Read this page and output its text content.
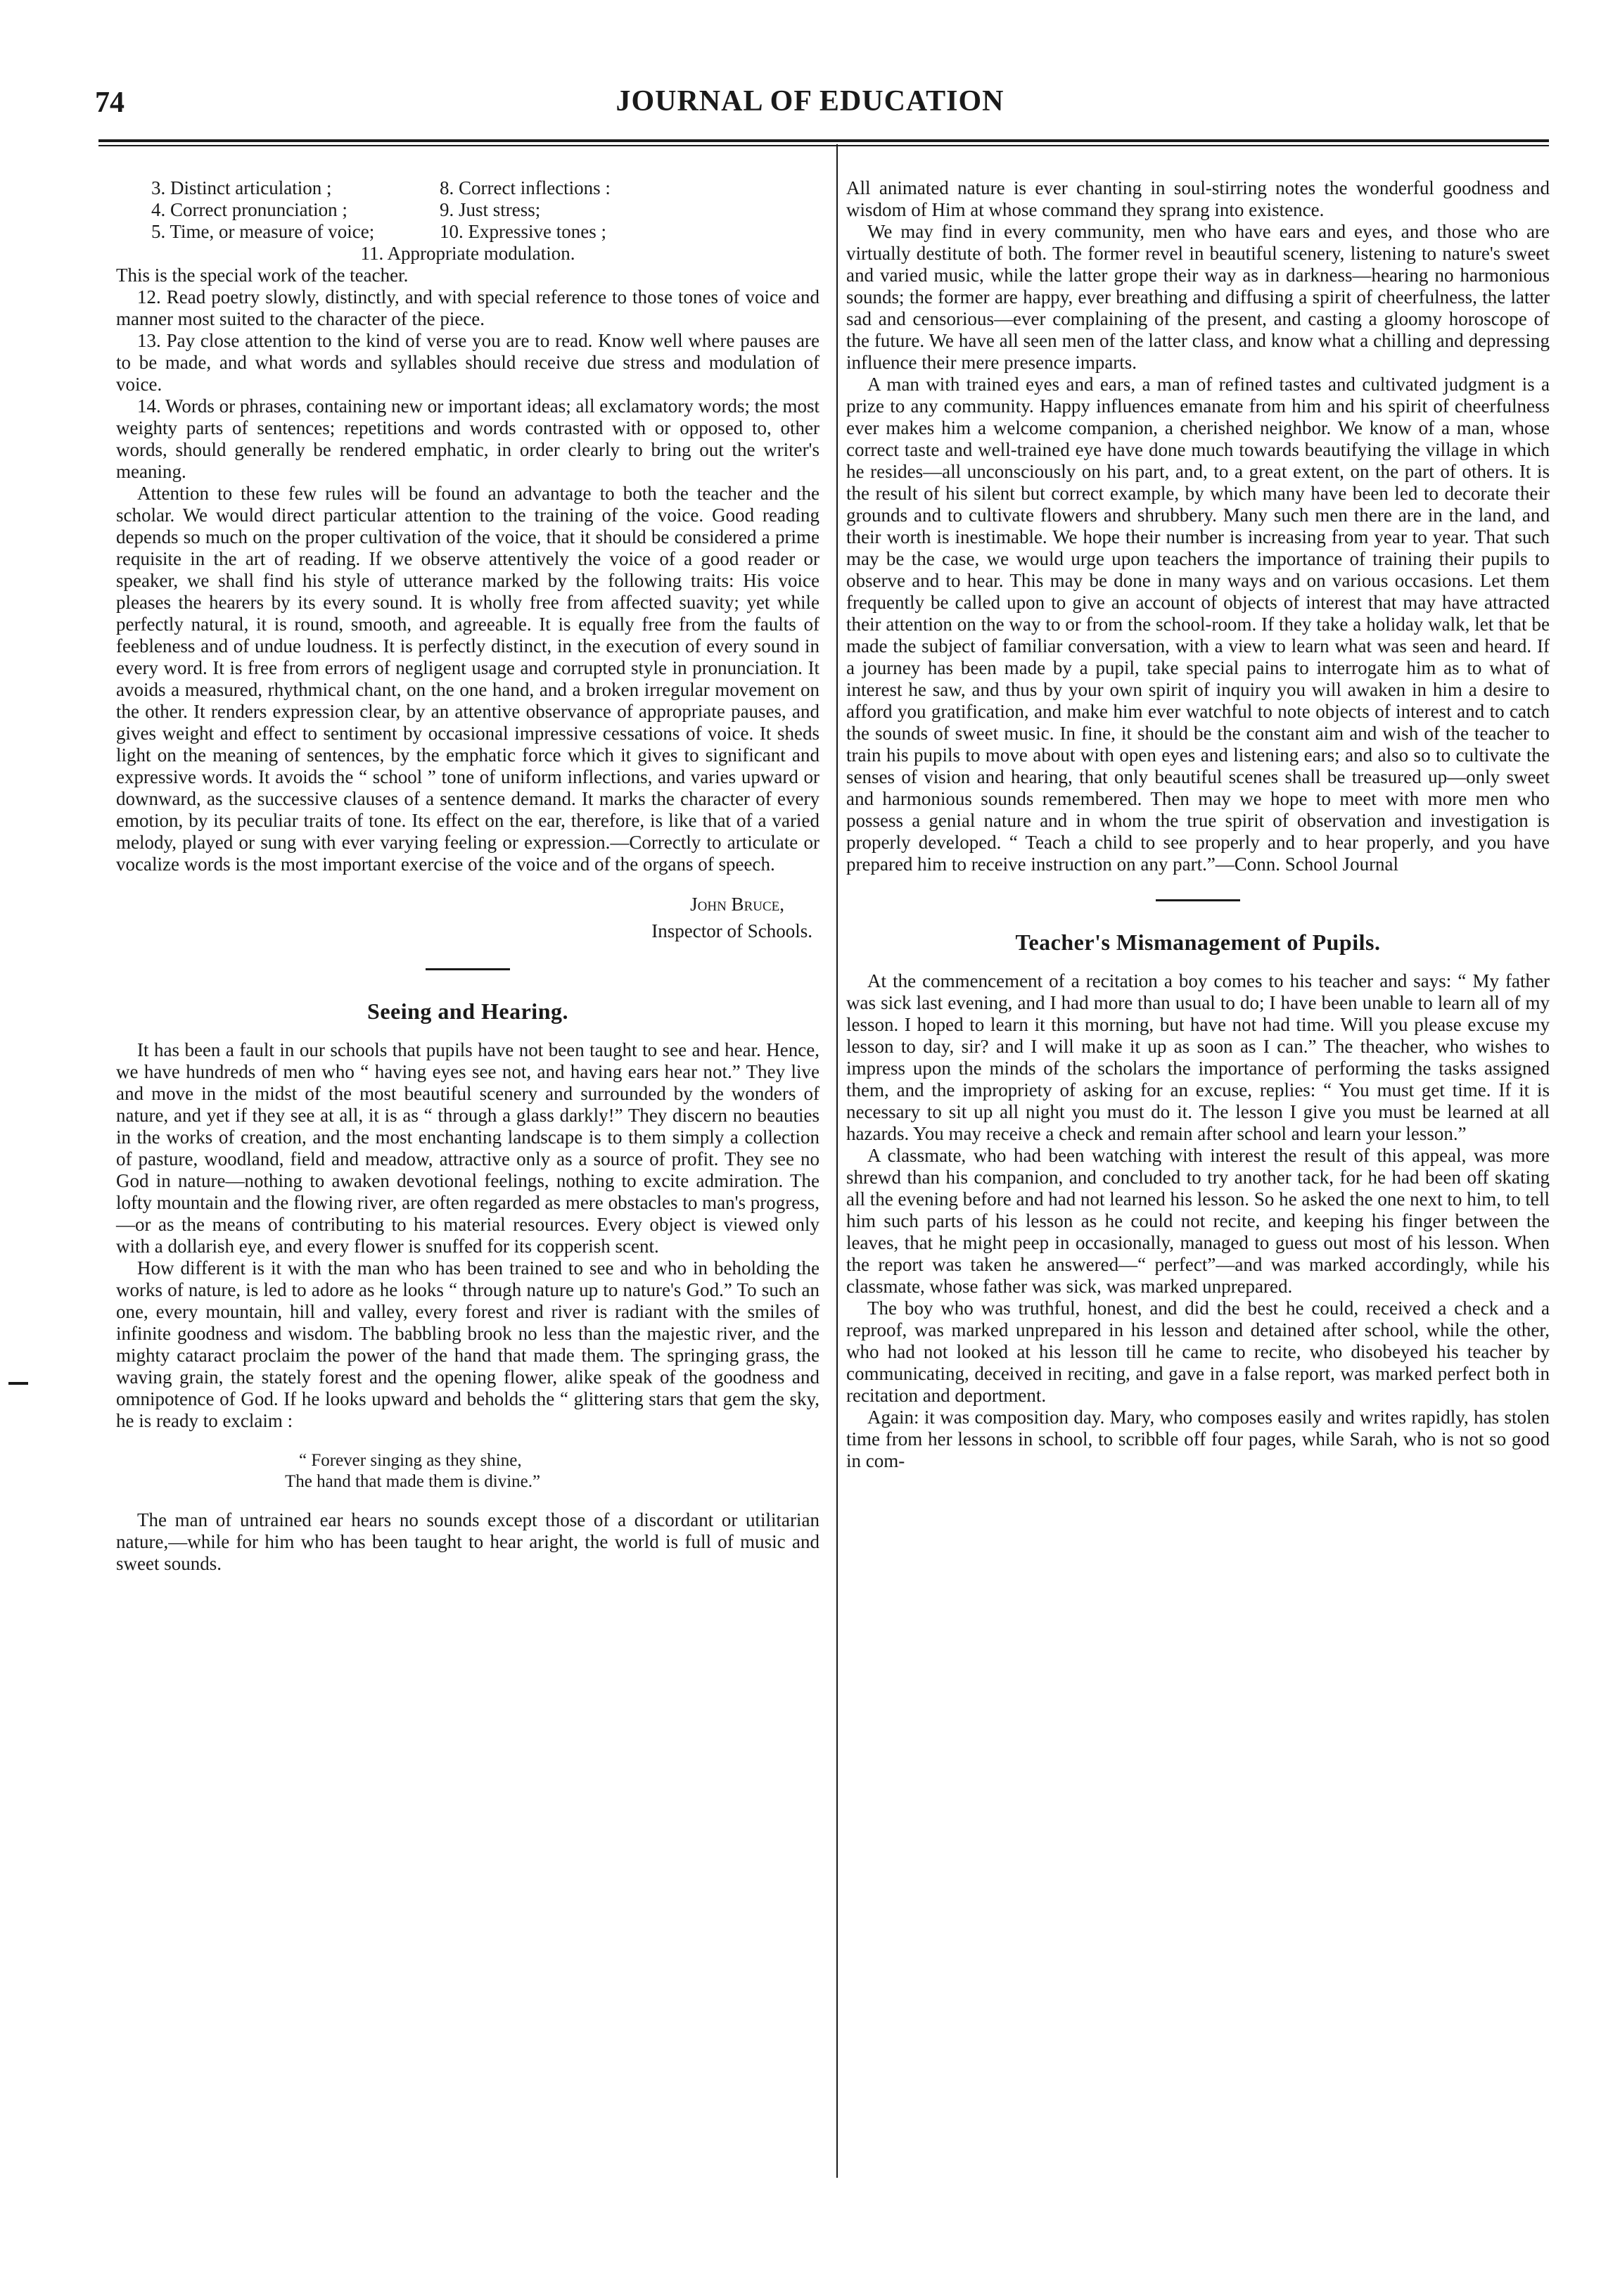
74	JOURNAL OF EDUCATION
3. Distinct articulation ;	8. Correct inflections :
4. Correct pronunciation ;	9. Just stress;
5. Time, or measure of voice;	10. Expressive tones ;
11. Appropriate modulation.

This is the special work of the teacher.

12. Read poetry slowly, distinctly, and with special reference to those tones of voice and manner most suited to the character of the piece.

13. Pay close attention to the kind of verse you are to read. Know well where pauses are to be made, and what words and syllables should receive due stress and modulation of voice.

14. Words or phrases, containing new or important ideas; all exclamatory words; the most weighty parts of sentences; repetitions and words contrasted with or opposed to, other words, should generally be rendered emphatic, in order clearly to bring out the writer's meaning.

Attention to these few rules will be found an advantage to both the teacher and the scholar. We would direct particular attention to the training of the voice. Good reading depends so much on the proper cultivation of the voice, that it should be considered a prime requisite in the art of reading. If we observe attentively the voice of a good reader or speaker, we shall find his style of utterance marked by the following traits: His voice pleases the hearers by its every sound. It is wholly free from affected suavity; yet while perfectly natural, it is round, smooth, and agreeable. It is equally free from the faults of feebleness and of undue loudness. It is perfectly distinct, in the execution of every sound in every word. It is free from errors of negligent usage and corrupted style in pronunciation. It avoids a measured, rhythmical chant, on the one hand, and a broken irregular movement on the other. It renders expression clear, by an attentive observance of appropriate pauses, and gives weight and effect to sentiment by occasional impressive cessations of voice. It sheds light on the meaning of sentences, by the emphatic force which it gives to significant and expressive words. It avoids the “ school ” tone of uniform inflections, and varies upward or downward, as the successive clauses of a sentence demand. It marks the character of every emotion, by its peculiar traits of tone. Its effect on the ear, therefore, is like that of a varied melody, played or sung with ever varying feeling or expression.—Correctly to articulate or vocalize words is the most important exercise of the voice and of the organs of speech.

John Bruce,
Inspector of Schools.
Seeing and Hearing.

It has been a fault in our schools that pupils have not been taught to see and hear. Hence, we have hundreds of men who “ having eyes see not, and having ears hear not.” They live and move in the midst of the most beautiful scenery and surrounded by the wonders of nature, and yet if they see at all, it is as “ through a glass darkly!” They discern no beauties in the works of creation, and the most enchanting landscape is to them simply a collection of pasture, woodland, field and meadow, attractive only as a source of profit. They see no God in nature—nothing to awaken devotional feelings, nothing to excite admiration. The lofty mountain and the flowing river, are often regarded as mere obstacles to man's progress,—or as the means of contributing to his material resources. Every object is viewed only with a dollarish eye, and every flower is snuffed for its copperish scent.

How different is it with the man who has been trained to see and who in beholding the works of nature, is led to adore as he looks “ through nature up to nature's God.” To such an one, every mountain, hill and valley, every forest and river is radiant with the smiles of infinite goodness and wisdom. The babbling brook no less than the majestic river, and the mighty cataract proclaim the power of the hand that made them. The springing grass, the waving grain, the stately forest and the opening flower, alike speak of the goodness and omnipotence of God. If he looks upward and beholds the “ glittering stars that gem the sky, he is ready to exclaim :

“ Forever singing as they shine,
The hand that made them is divine.”

The man of untrained ear hears no sounds except those of a discordant or utilitarian nature,—while for him who has been taught to hear aright, the world is full of music and sweet sounds.

All animated nature is ever chanting in soul-stirring notes the wonderful goodness and wisdom of Him at whose command they sprang into existence.

We may find in every community, men who have ears and eyes, and those who are virtually destitute of both. The former revel in beautiful scenery, listening to nature's sweet and varied music, while the latter grope their way as in darkness—hearing no harmonious sounds; the former are happy, ever breathing and diffusing a spirit of cheerfulness, the latter sad and censorious—ever complaining of the present, and casting a gloomy horoscope of the future. We have all seen men of the latter class, and know what a chilling and depressing influence their mere presence imparts.

A man with trained eyes and ears, a man of refined tastes and cultivated judgment is a prize to any community. Happy influences emanate from him and his spirit of cheerfulness ever makes him a welcome companion, a cherished neighbor. We know of a man, whose correct taste and well-trained eye have done much towards beautifying the village in which he resides—all unconsciously on his part, and, to a great extent, on the part of others. It is the result of his silent but correct example, by which many have been led to decorate their grounds and to cultivate flowers and shrubbery. Many such men there are in the land, and their worth is inestimable. We hope their number is increasing from year to year. That such may be the case, we would urge upon teachers the importance of training their pupils to observe and to hear. This may be done in many ways and on various occasions. Let them frequently be called upon to give an account of objects of interest that may have attracted their attention on the way to or from the school-room. If they take a holiday walk, let that be made the subject of familiar conversation, with a view to learn what was seen and heard. If a journey has been made by a pupil, take special pains to interrogate him as to what of interest he saw, and thus by your own spirit of inquiry you will awaken in him a desire to afford you gratification, and make him ever watchful to note objects of interest and to catch the sounds of sweet music. In fine, it should be the constant aim and wish of the teacher to train his pupils to move about with open eyes and listening ears; and also so to cultivate the senses of vision and hearing, that only beautiful scenes shall be treasured up—only sweet and harmonious sounds remembered. Then may we hope to meet with more men who possess a genial nature and in whom the true spirit of observation and investigation is properly developed. “ Teach a child to see properly and to hear properly, and you have prepared him to receive instruction on any part.”—Conn. School Journal

Teacher's Mismanagement of Pupils.

At the commencement of a recitation a boy comes to his teacher and says: “ My father was sick last evening, and I had more than usual to do; I have been unable to learn all of my lesson. I hoped to learn it this morning, but have not had time. Will you please excuse my lesson to day, sir? and I will make it up as soon as I can.” The theacher, who wishes to impress upon the minds of the scholars the importance of performing the tasks assigned them, and the impropriety of asking for an excuse, replies: “ You must get time. If it is necessary to sit up all night you must do it. The lesson I give you must be learned at all hazards. You may receive a check and remain after school and learn your lesson.”

A classmate, who had been watching with interest the result of this appeal, was more shrewd than his companion, and concluded to try another tack, for he had been off skating all the evening before and had not learned his lesson. So he asked the one next to him, to tell him such parts of his lesson as he could not recite, and keeping his finger between the leaves, that he might peep in occasionally, managed to guess out most of his lesson. When the report was taken he answered—“ perfect”—and was marked accordingly, while his classmate, whose father was sick, was marked unprepared.

The boy who was truthful, honest, and did the best he could, received a check and a reproof, was marked unprepared in his lesson and detained after school, while the other, who had not looked at his lesson till he came to recite, who disobeyed his teacher by communicating, deceived in reciting, and gave in a false report, was marked perfect both in recitation and deportment.

Again: it was composition day. Mary, who composes easily and writes rapidly, has stolen time from her lessons in school, to scribble off four pages, while Sarah, who is not so good in com-
